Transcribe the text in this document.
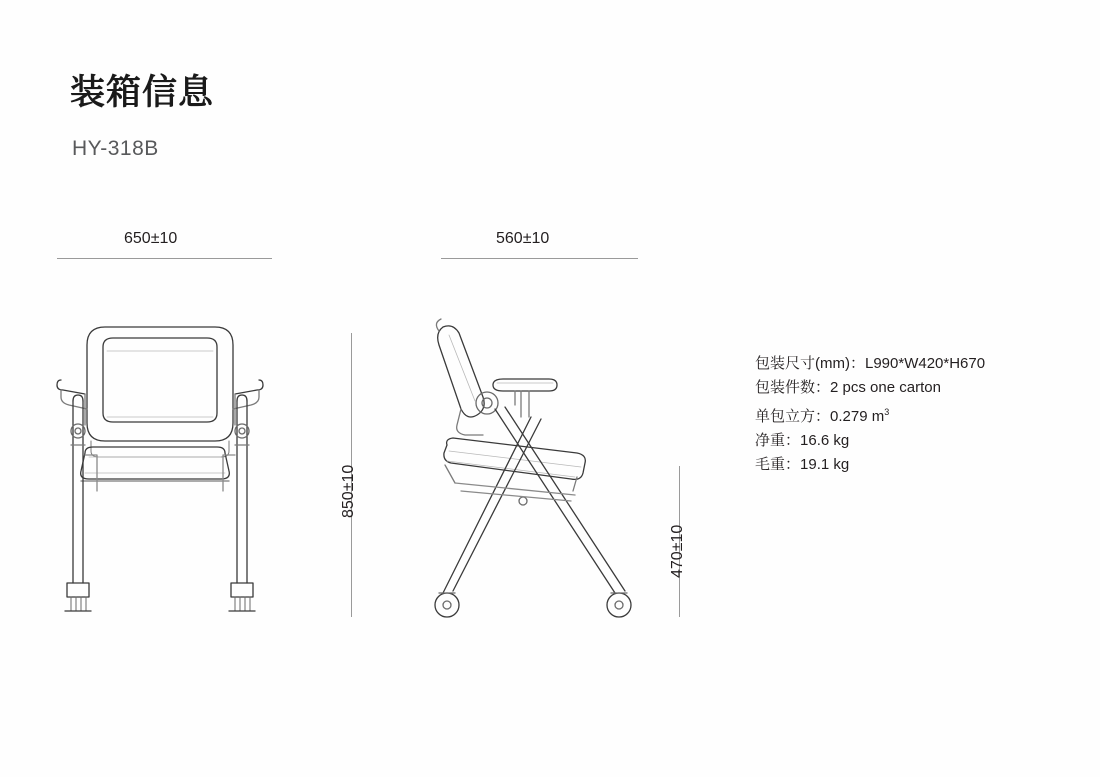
装箱信息
HY-318B
650±10	560±10
850±10
470±10
包装尺寸(mm)：L990*W420*H670
包装件数：2 pcs one carton
单包立方：0.279 $m^3$
净重：16.6 kg
毛重：19.1 kg
